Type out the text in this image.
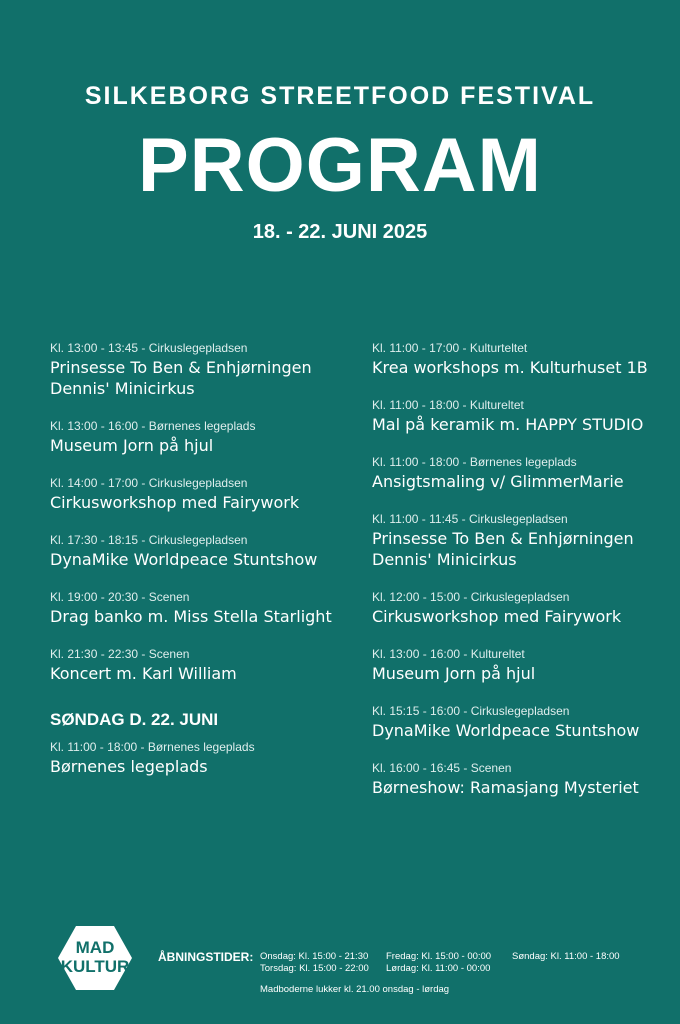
SILKEBORG STREETFOOD FESTIVAL
PROGRAM
18. - 22. JUNI 2025
Kl. 13:00 - 13:45 - Cirkuslegepladsen
Prinsesse To Ben & Enhjørningen Dennis' Minicirkus
Kl. 13:00 - 16:00 - Børnenes legeplads
Museum Jorn på hjul
Kl. 14:00 - 17:00 - Cirkuslegepladsen
Cirkusworkshop med Fairywork
Kl. 17:30 - 18:15 - Cirkuslegepladsen
DynaMike Worldpeace Stuntshow
Kl. 19:00 - 20:30 - Scenen
Drag banko m. Miss Stella Starlight
Kl. 21:30 - 22:30 - Scenen
Koncert m. Karl William
SØNDAG D. 22. JUNI
Kl. 11:00 - 18:00 - Børnenes legeplads
Børnenes legeplads
Kl. 11:00 - 17:00 - Kulturteltet
Krea workshops m. Kulturhuset 1B
Kl. 11:00 - 18:00 - Kultureltet
Mal på keramik m. HAPPY STUDIO
Kl. 11:00 - 18:00 - Børnenes legeplads
Ansigtsmaling v/ GlimmerMarie
Kl. 11:00 - 11:45 - Cirkuslegepladsen
Prinsesse To Ben & Enhjørningen Dennis' Minicirkus
Kl. 12:00 - 15:00 - Cirkuslegepladsen
Cirkusworkshop med Fairywork
Kl. 13:00 - 16:00 - Kultureltet
Museum Jorn på hjul
Kl. 15:15 - 16:00 - Cirkuslegepladsen
DynaMike Worldpeace Stuntshow
Kl. 16:00 - 16:45 - Scenen
Børneshow: Ramasjang Mysteriet
MAD
KULTUR ÅBNINGSTIDER: Onsdag: Kl. 15:00 - 21:30
Torsdag: Kl. 15:00 - 22:00
Fredag: Kl. 15:00 - 00:00
Lørdag: Kl. 11:00 - 00:00
Søndag: Kl. 11:00 - 18:00
Madboderne lukker kl. 21.00 onsdag - lørdag
